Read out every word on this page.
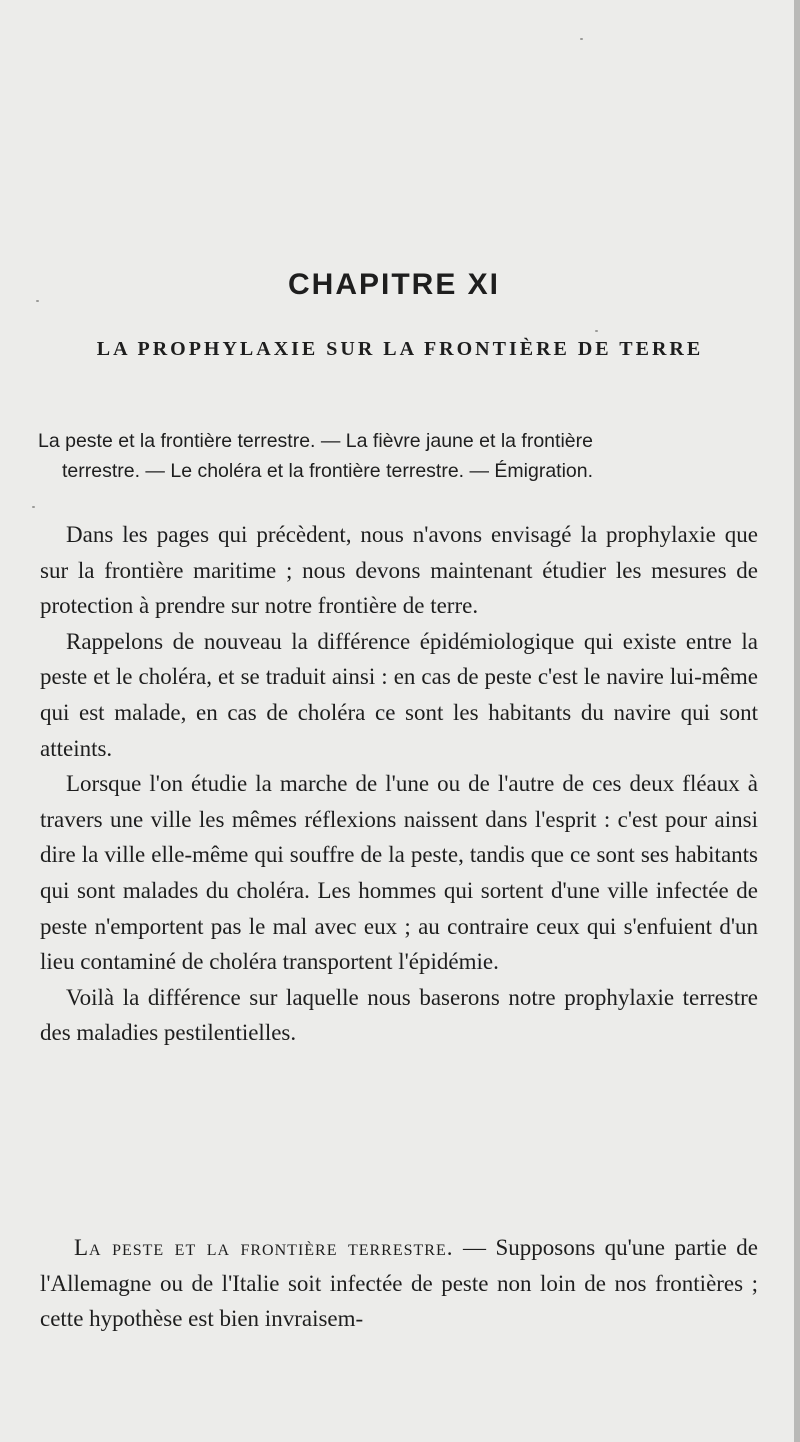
CHAPITRE XI
LA PROPHYLAXIE SUR LA FRONTIÈRE DE TERRE
La peste et la frontière terrestre. — La fièvre jaune et la frontière
terrestre. — Le choléra et la frontière terrestre. — Émigration.

Dans les pages qui précèdent, nous n'avons envisagé la prophylaxie que sur la frontière maritime ; nous devons maintenant étudier les mesures de protection à prendre sur notre frontière de terre.

Rappelons de nouveau la différence épidémiologique qui existe entre la peste et le choléra, et se traduit ainsi : en cas de peste c'est le navire lui-même qui est malade, en cas de choléra ce sont les habitants du navire qui sont atteints.

Lorsque l'on étudie la marche de l'une ou de l'autre de ces deux fléaux à travers une ville les mêmes réflexions naissent dans l'esprit : c'est pour ainsi dire la ville elle-même qui souffre de la peste, tandis que ce sont ses habitants qui sont malades du choléra. Les hommes qui sortent d'une ville infectée de peste n'emportent pas le mal avec eux ; au contraire ceux qui s'enfuient d'un lieu contaminé de choléra transportent l'épidémie.

Voilà la différence sur laquelle nous baserons notre prophylaxie terrestre des maladies pestilentielles.

La peste et la frontière terrestre. — Supposons qu'une partie de l'Allemagne ou de l'Italie soit infectée de peste non loin de nos frontières ; cette hypothèse est bien invraisem-
